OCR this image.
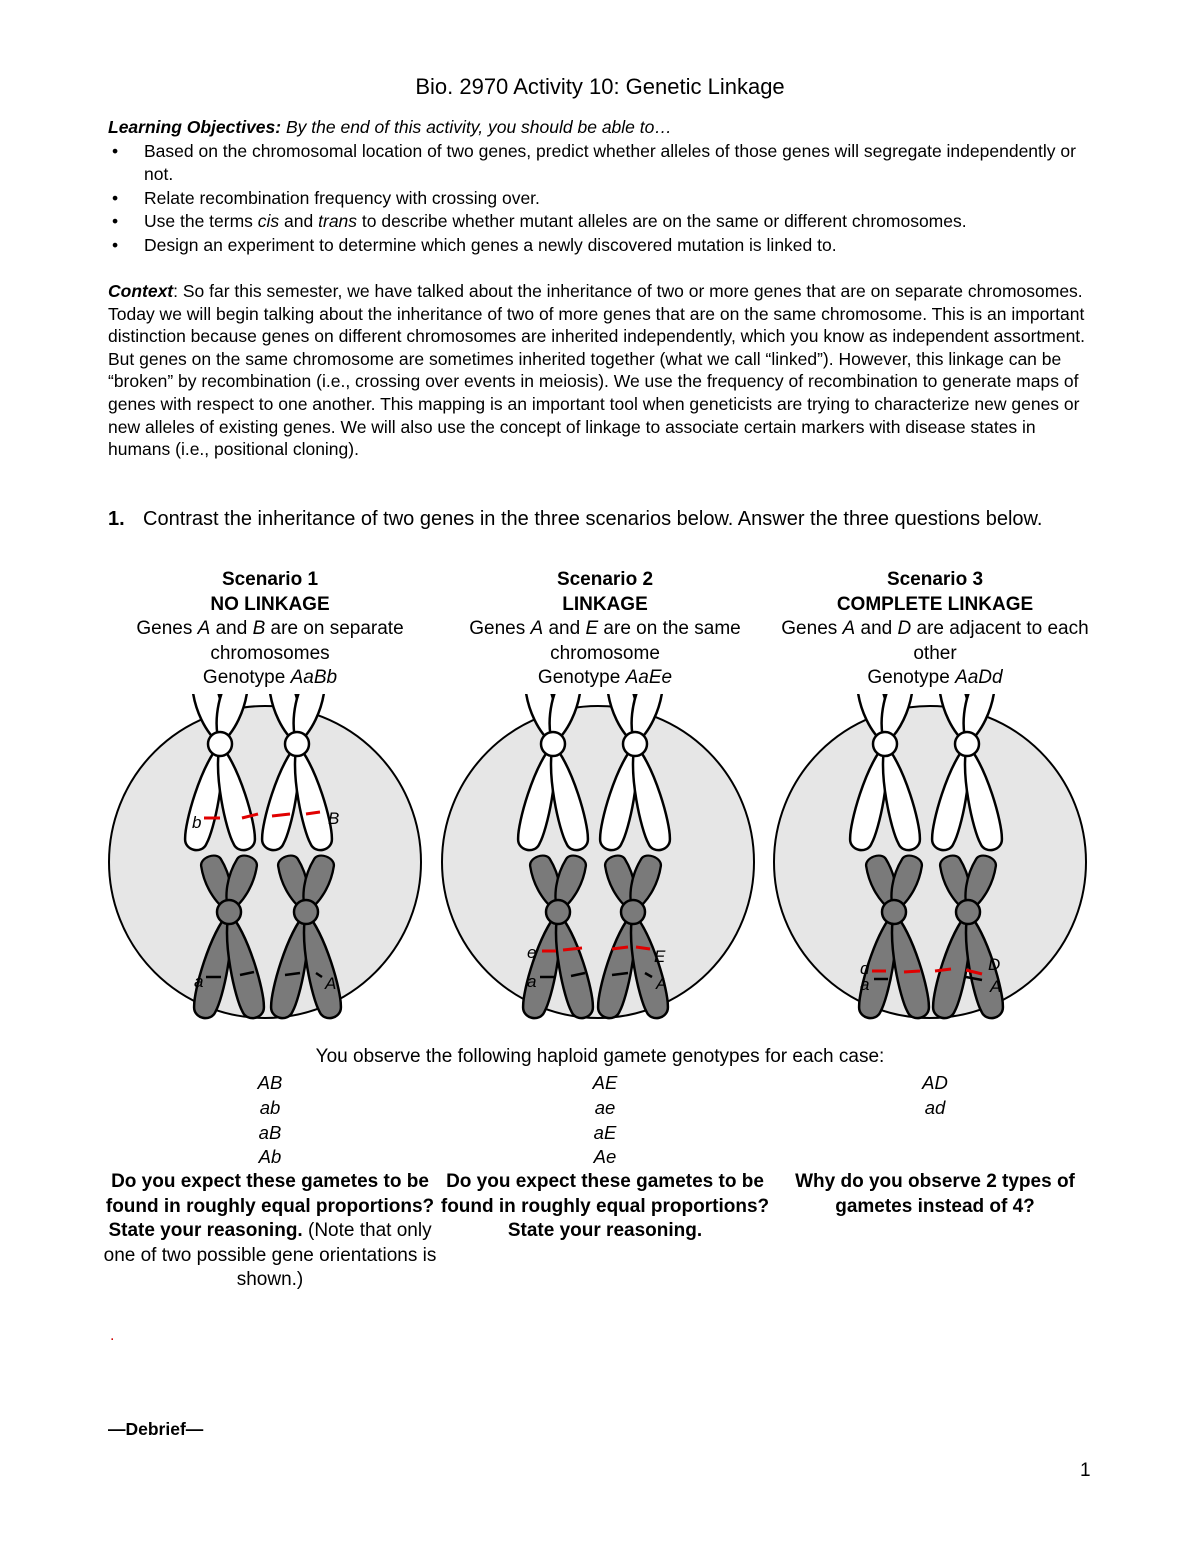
Bio. 2970 Activity 10: Genetic Linkage
Learning Objectives: By the end of this activity, you should be able to…
• Based on the chromosomal location of two genes, predict whether alleles of those genes will segregate independently or not.
• Relate recombination frequency with crossing over.
• Use the terms cis and trans to describe whether mutant alleles are on the same or different chromosomes.
• Design an experiment to determine which genes a newly discovered mutation is linked to.
Context: So far this semester, we have talked about the inheritance of two or more genes that are on separate chromosomes. Today we will begin talking about the inheritance of two of more genes that are on the same chromosome. This is an important distinction because genes on different chromosomes are inherited independently, which you know as independent assortment. But genes on the same chromosome are sometimes inherited together (what we call “linked”). However, this linkage can be “broken” by recombination (i.e., crossing over events in meiosis). We use the frequency of recombination to generate maps of genes with respect to one another. This mapping is an important tool when geneticists are trying to characterize new genes or new alleles of existing genes. We will also use the concept of linkage to associate certain markers with disease states in humans (i.e., positional cloning).
1. Contrast the inheritance of two genes in the three scenarios below. Answer the three questions below.
Scenario 1
NO LINKAGE
Genes A and B are on separate chromosomes
Genotype AaBb
Scenario 2
LINKAGE
Genes A and E are on the same chromosome
Genotype AaEe
Scenario 3
COMPLETE LINKAGE
Genes A and D are adjacent to each other
Genotype AaDd
b	B
a	A
e	E
a	A
d	D
a	A
You observe the following haploid gamete genotypes for each case:
AB
ab
aB
Ab
AE
ae
aE
Ae
AD
ad
Do you expect these gametes to be found in roughly equal proportions? State your reasoning. (Note that only one of two possible gene orientations is shown.)
Do you expect these gametes to be found in roughly equal proportions? State your reasoning.
Why do you observe 2 types of gametes instead of 4?
.
—Debrief—
1
